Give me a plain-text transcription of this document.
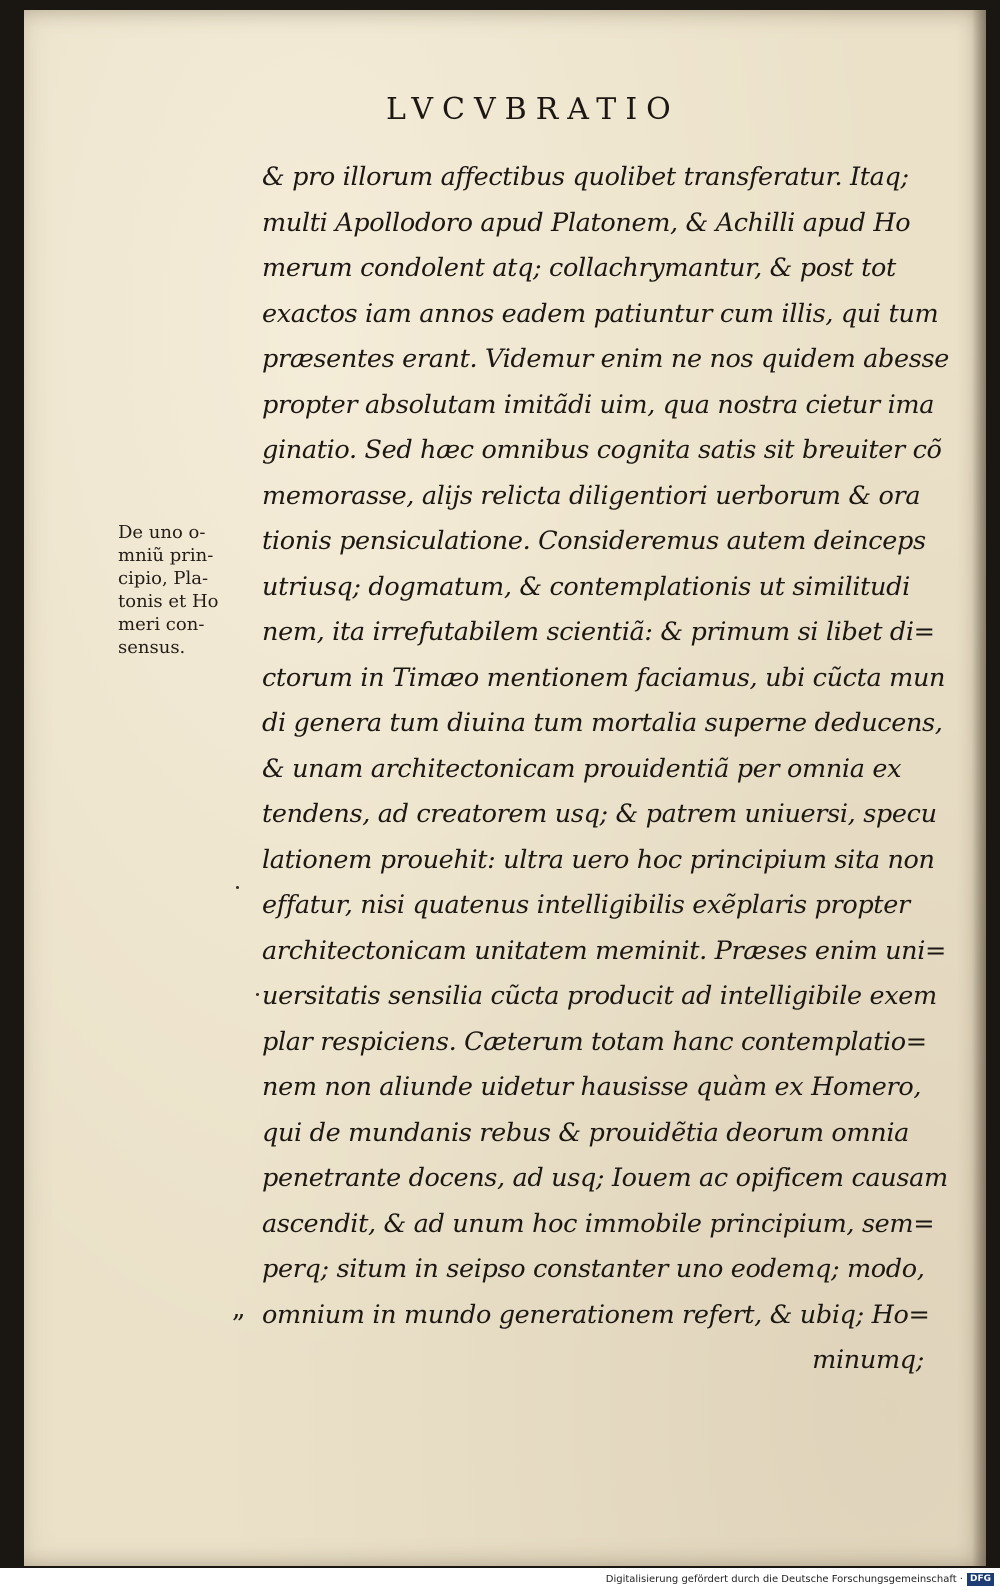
LVCVBRATIO
De uno o-
mniũ prin-
cipio, Pla-
tonis et Ho
meri con-
sensus.
„
& pro illorum affectibus quolibet transferatur. Itaq;
multi Apollodoro apud Platonem, & Achilli apud Ho
merum condolent atq; collachrymantur, & post tot
exactos iam annos eadem patiuntur cum illis, qui tum
præsentes erant. Videmur enim ne nos quidem abesse
propter absolutam imitãdi uim, qua nostra cietur ima
ginatio. Sed hæc omnibus cognita satis sit breuiter cõ
memorasse, alijs relicta diligentiori uerborum & ora
tionis pensiculatione. Consideremus autem deinceps
utriusq; dogmatum, & contemplationis ut similitudi
nem, ita irrefutabilem scientiã: & primum si libet di=
ctorum in Timæo mentionem faciamus, ubi cũcta mun
di genera tum diuina tum mortalia superne deducens,
& unam architectonicam prouidentiã per omnia ex
tendens, ad creatorem usq; & patrem uniuersi, specu
lationem prouehit: ultra uero hoc principium sita non
effatur, nisi quatenus intelligibilis exẽplaris propter
architectonicam unitatem meminit. Præses enim uni=
uersitatis sensilia cũcta producit ad intelligibile exem
plar respiciens. Cæterum totam hanc contemplatio=
nem non aliunde uidetur hausisse quàm ex Homero,
qui de mundanis rebus & prouidẽtia deorum omnia
penetrante docens, ad usq; Iouem ac opificem causam
ascendit, & ad unum hoc immobile principium, sem=
perq; situm in seipso constanter uno eodemq; modo,
omnium in mundo generationem refert, & ubiq; Ho=
minumq;
Digitalisierung gefördert durch die Deutsche Forschungsgemeinschaft · DFG
